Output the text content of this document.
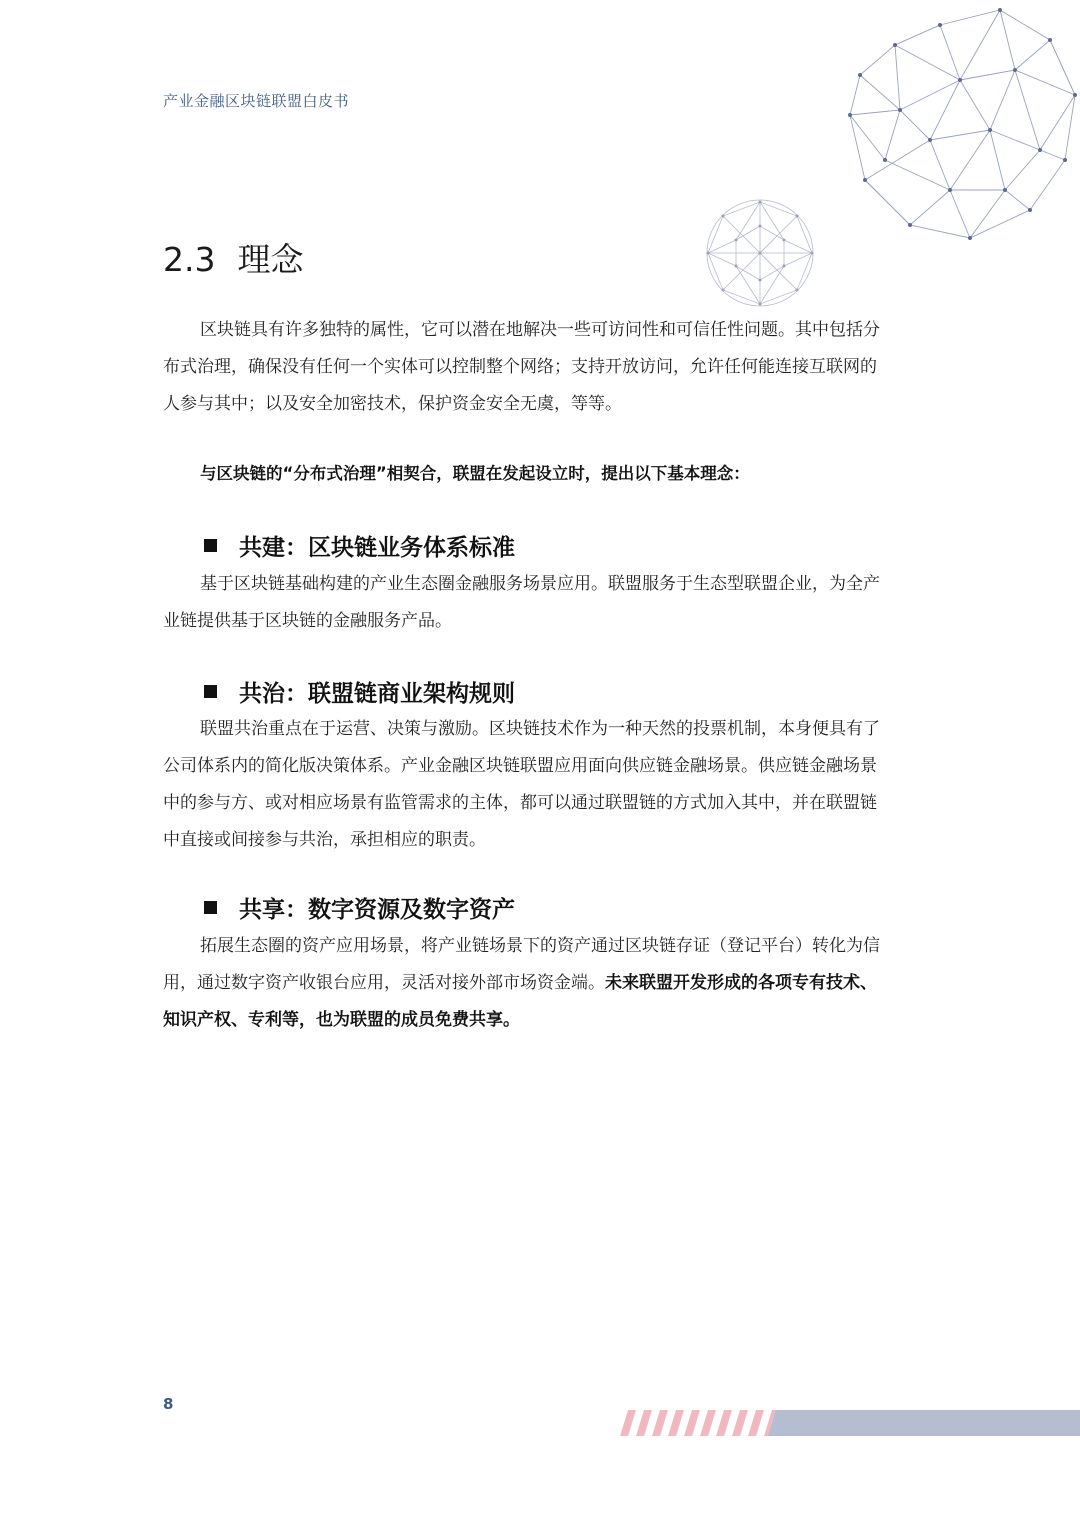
产业金融区块链联盟白皮书
2.3 理念
区块链具有许多独特的属性，它可以潜在地解决一些可访问性和可信任性问题。其中包括分
布式治理，确保没有任何一个实体可以控制整个网络；支持开放访问，允许任何能连接互联网的
人参与其中；以及安全加密技术，保护资金安全无虞，等等。
与区块链的“分布式治理”相契合，联盟在发起设立时，提出以下基本理念：
共建：区块链业务体系标准
基于区块链基础构建的产业生态圈金融服务场景应用。联盟服务于生态型联盟企业，为全产
业链提供基于区块链的金融服务产品。
共治：联盟链商业架构规则
联盟共治重点在于运营、决策与激励。区块链技术作为一种天然的投票机制，本身便具有了
公司体系内的简化版决策体系。产业金融区块链联盟应用面向供应链金融场景。供应链金融场景
中的参与方、或对相应场景有监管需求的主体，都可以通过联盟链的方式加入其中，并在联盟链
中直接或间接参与共治，承担相应的职责。
共享：数字资源及数字资产
拓展生态圈的资产应用场景，将产业链场景下的资产通过区块链存证（登记平台）转化为信
用，通过数字资产收银台应用，灵活对接外部市场资金端。未来联盟开发形成的各项专有技术、
知识产权、专利等，也为联盟的成员免费共享。
8
